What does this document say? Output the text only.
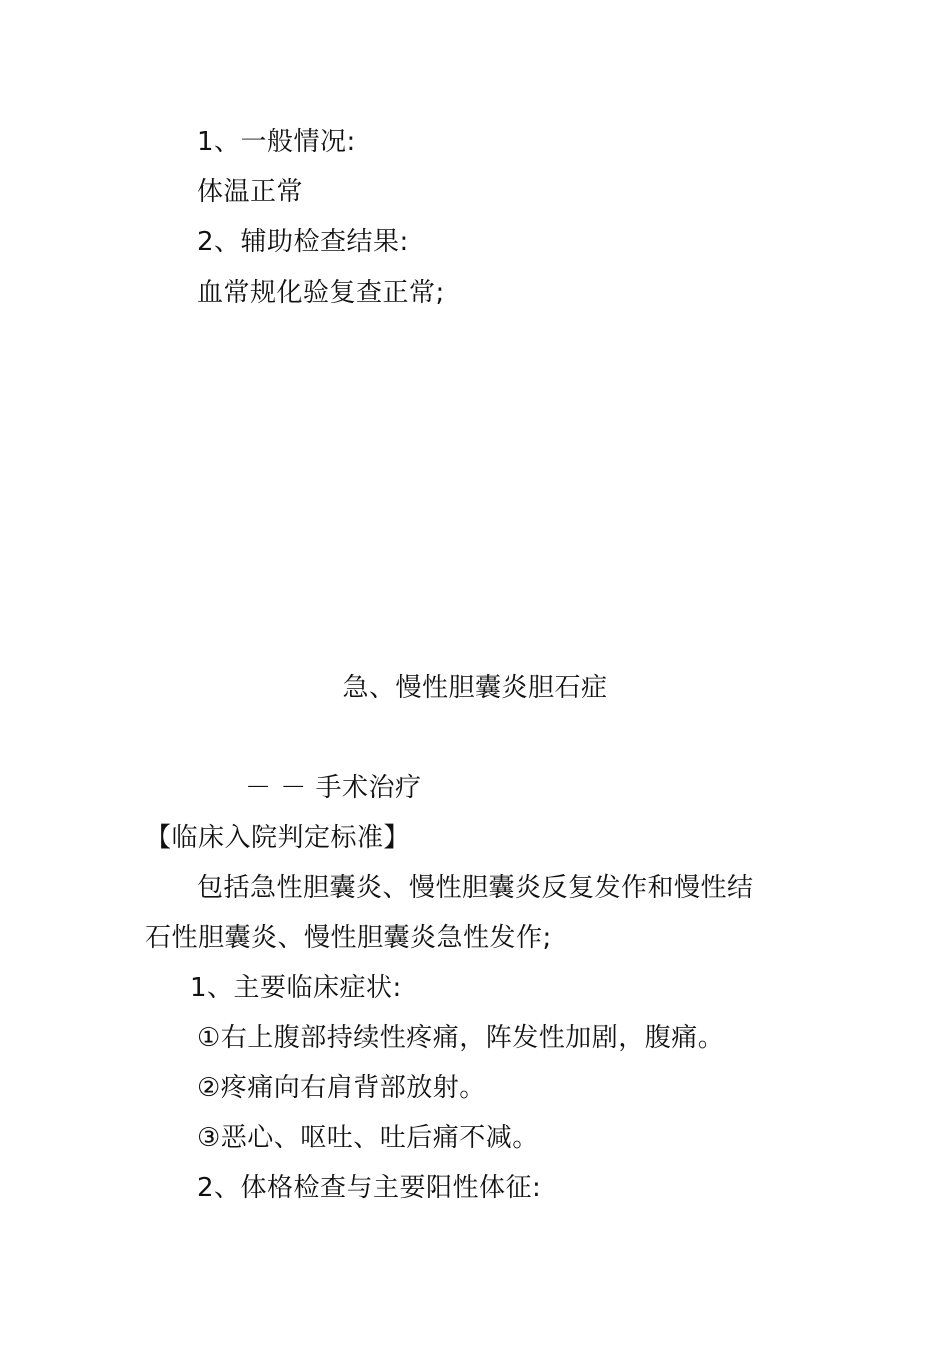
1、一般情况:
体温正常
2、辅助检查结果:
血常规化验复查正常;
急、慢性胆囊炎胆石症
－ － 手术治疗
【临床入院判定标准】
包括急性胆囊炎、慢性胆囊炎反复发作和慢性结
石性胆囊炎、慢性胆囊炎急性发作;
1、主要临床症状:
①右上腹部持续性疼痛，阵发性加剧，腹痛。
②疼痛向右肩背部放射。
③恶心、呕吐、吐后痛不减。
2、体格检查与主要阳性体征:
